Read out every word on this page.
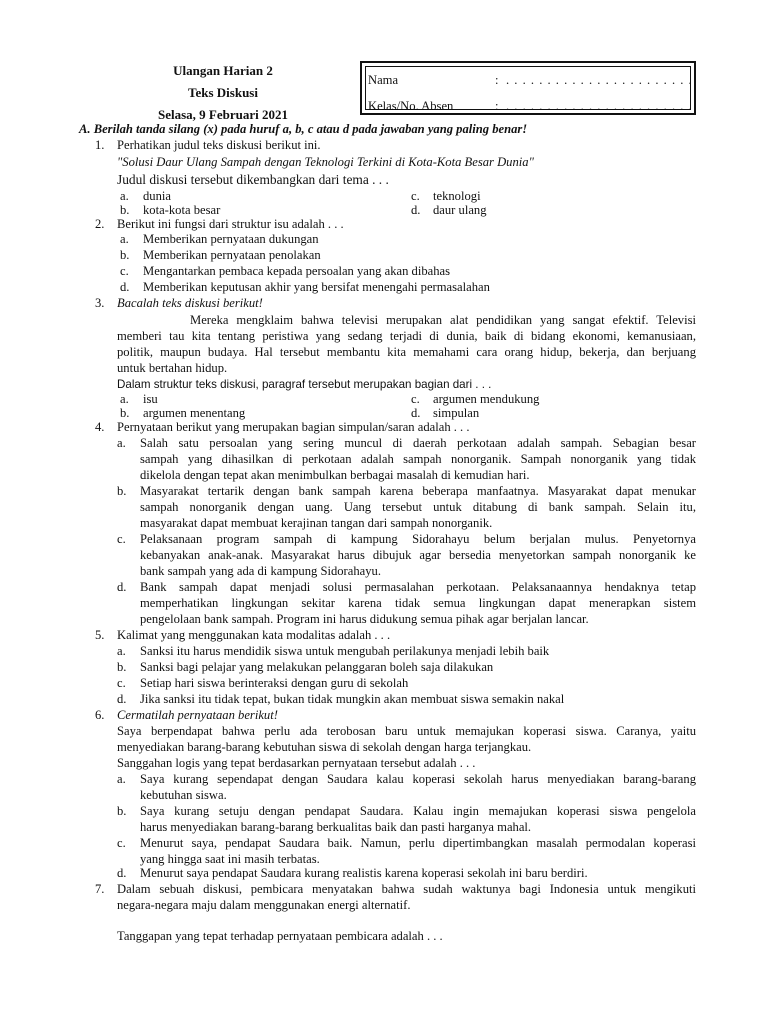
Ulangan Harian 2
Teks Diskusi
Selasa, 9 Februari 2021
Nama	: . . . . . . . . . . . . . . . . . . . . . . .
Kelas/No. Absen	: . . . . . . . . . . . . . . . . . . . . . . .
A. Berilah tanda silang (x) pada huruf a, b, c atau d pada jawaban yang paling benar!
1. Perhatikan judul teks diskusi berikut ini.
"Solusi Daur Ulang Sampah dengan Teknologi Terkini di Kota-Kota Besar Dunia"
Judul diskusi tersebut dikembangkan dari tema . . .
a. dunia
b. kota-kota besar
c. teknologi
d. daur ulang
2. Berikut ini fungsi dari struktur isu adalah . . .
a. Memberikan pernyataan dukungan
b. Memberikan pernyataan penolakan
c. Mengantarkan pembaca kepada persoalan yang akan dibahas
d. Memberikan keputusan akhir yang bersifat menengahi permasalahan
3. Bacalah teks diskusi berikut!
Mereka mengklaim bahwa televisi merupakan alat pendidikan yang sangat efektif. Televisi
memberi tau kita tentang peristiwa yang sedang terjadi di dunia, baik di bidang ekonomi, kemanusiaan,
politik, maupun budaya. Hal tersebut membantu kita memahami cara orang hidup, bekerja, dan berjuang
untuk bertahan hidup.
Dalam struktur teks diskusi, paragraf tersebut merupakan bagian dari . . .
a. isu
b. argumen menentang
c. argumen mendukung
d. simpulan
4. Pernyataan berikut yang merupakan bagian simpulan/saran adalah . . .
a. Salah satu persoalan yang sering muncul di daerah perkotaan adalah sampah. Sebagian besar
sampah yang dihasilkan di perkotaan adalah sampah nonorganik. Sampah nonorganik yang tidak
dikelola dengan tepat akan menimbulkan berbagai masalah di kemudian hari.
b. Masyarakat tertarik dengan bank sampah karena beberapa manfaatnya. Masyarakat dapat menukar
sampah nonorganik dengan uang. Uang tersebut untuk ditabung di bank sampah. Selain itu,
masyarakat dapat membuat kerajinan tangan dari sampah nonorganik.
c. Pelaksanaan program sampah di kampung Sidorahayu belum berjalan mulus. Penyetornya
kebanyakan anak-anak. Masyarakat harus dibujuk agar bersedia menyetorkan sampah nonorganik ke
bank sampah yang ada di kampung Sidorahayu.
d. Bank sampah dapat menjadi solusi permasalahan perkotaan. Pelaksanaannya hendaknya tetap
memperhatikan lingkungan sekitar karena tidak semua lingkungan dapat menerapkan sistem
pengelolaan bank sampah. Program ini harus didukung semua pihak agar berjalan lancar.
5. Kalimat yang menggunakan kata modalitas adalah . . .
a. Sanksi itu harus mendidik siswa untuk mengubah perilakunya menjadi lebih baik
b. Sanksi bagi pelajar yang melakukan pelanggaran boleh saja dilakukan
c. Setiap hari siswa berinteraksi dengan guru di sekolah
d. Jika sanksi itu tidak tepat, bukan tidak mungkin akan membuat siswa semakin nakal
6. Cermatilah pernyataan berikut!
Saya berpendapat bahwa perlu ada terobosan baru untuk memajukan koperasi siswa. Caranya, yaitu
menyediakan barang-barang kebutuhan siswa di sekolah dengan harga terjangkau.
Sanggahan logis yang tepat berdasarkan pernyataan tersebut adalah . . .
a. Saya kurang sependapat dengan Saudara kalau koperasi sekolah harus menyediakan barang-barang
kebutuhan siswa.
b. Saya kurang setuju dengan pendapat Saudara. Kalau ingin memajukan koperasi siswa pengelola
harus menyediakan barang-barang berkualitas baik dan pasti harganya mahal.
c. Menurut saya, pendapat Saudara baik. Namun, perlu dipertimbangkan masalah permodalan koperasi
yang hingga saat ini masih terbatas.
d. Menurut saya pendapat Saudara kurang realistis karena koperasi sekolah ini baru berdiri.
7. Dalam sebuah diskusi, pembicara menyatakan bahwa sudah waktunya bagi Indonesia untuk mengikuti
negara-negara maju dalam menggunakan energi alternatif.
Tanggapan yang tepat terhadap pernyataan pembicara adalah . . .
